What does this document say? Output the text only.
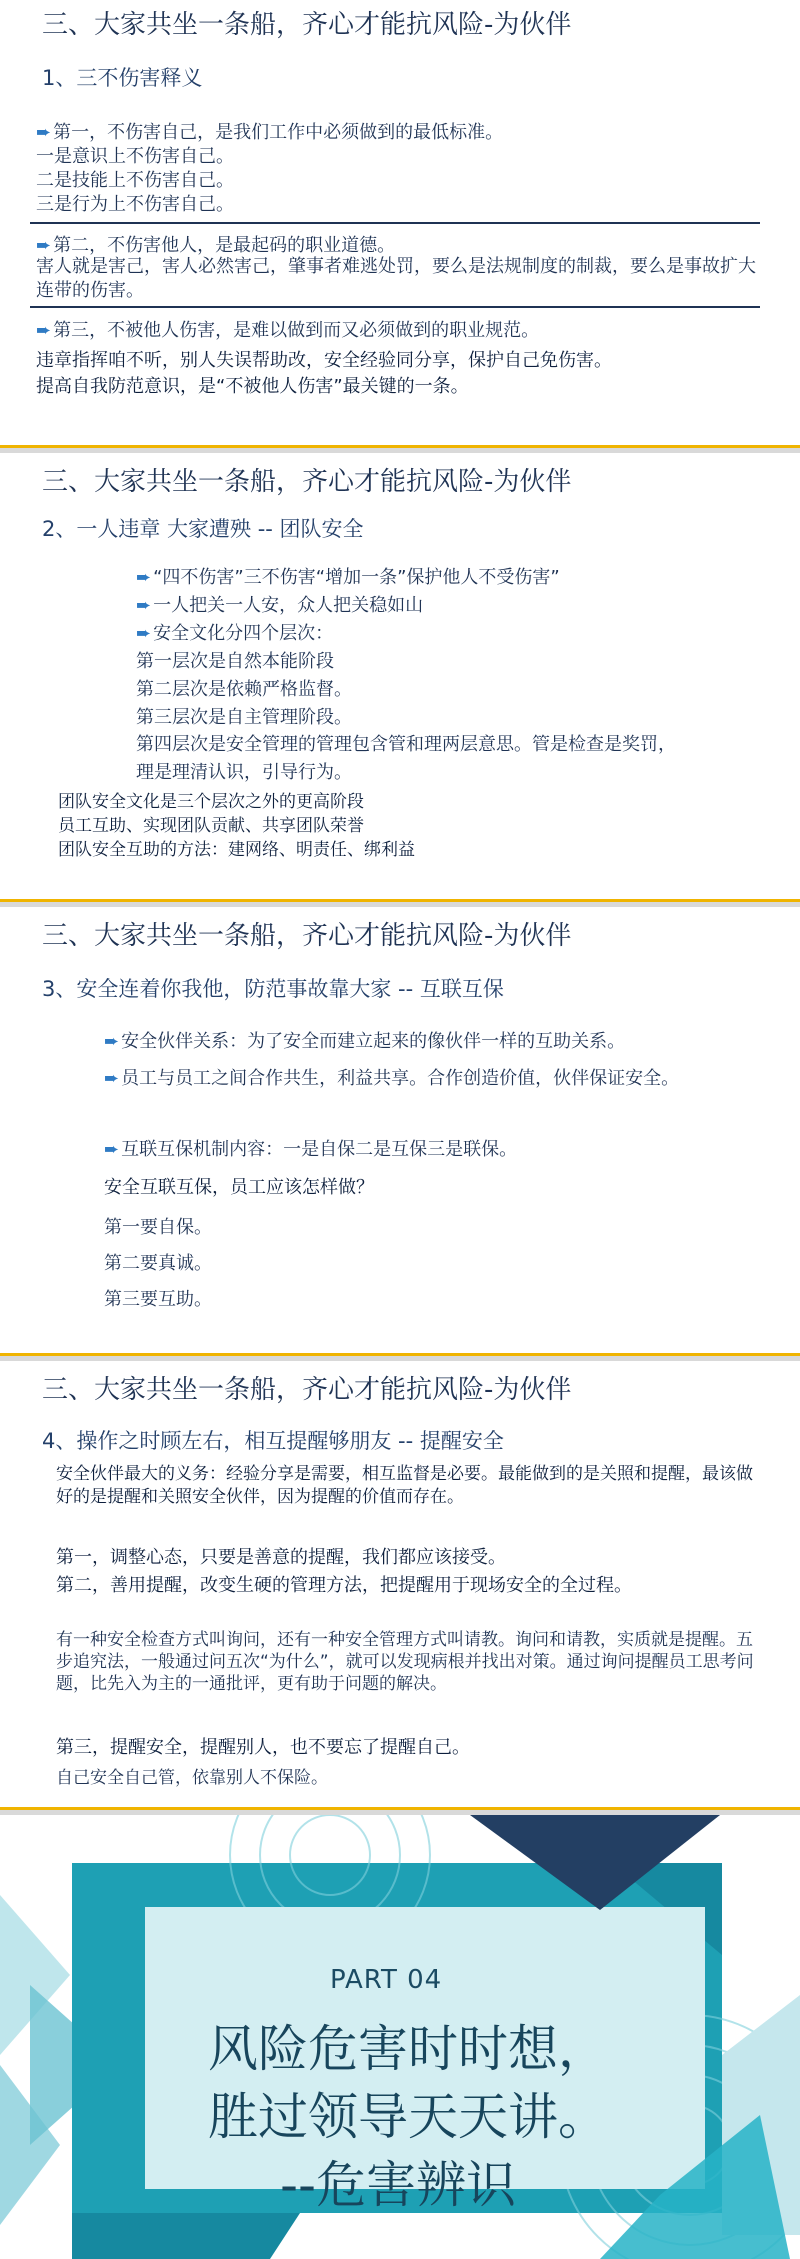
三、大家共坐一条船，齐心才能抗风险-为伙伴
1、三不伤害释义
➨ 第一，不伤害自己，是我们工作中必须做到的最低标准。
一是意识上不伤害自己。
二是技能上不伤害自己。
三是行为上不伤害自己。
➨ 第二，不伤害他人，是最起码的职业道德。
害人就是害己，害人必然害己，肇事者难逃处罚，要么是法规制度的制裁，要么是事故扩大连带的伤害。
➨ 第三，不被他人伤害，是难以做到而又必须做到的职业规范。
违章指挥咱不听，别人失误帮助改，安全经验同分享，保护自己免伤害。
提高自我防范意识，是“不被他人伤害”最关键的一条。
三、大家共坐一条船，齐心才能抗风险-为伙伴
2、一人违章 大家遭殃 -- 团队安全
➨ “四不伤害”三不伤害“增加一条”保护他人不受伤害”
➨ 一人把关一人安，众人把关稳如山
➨ 安全文化分四个层次：
第一层次是自然本能阶段
第二层次是依赖严格监督。
第三层次是自主管理阶段。
第四层次是安全管理的管理包含管和理两层意思。管是检查是奖罚，理是理清认识，引导行为。
团队安全文化是三个层次之外的更高阶段
员工互助、实现团队贡献、共享团队荣誉
团队安全互助的方法：建网络、明责任、绑利益
三、大家共坐一条船，齐心才能抗风险-为伙伴
3、安全连着你我他，防范事故靠大家 -- 互联互保
➨ 安全伙伴关系：为了安全而建立起来的像伙伴一样的互助关系。
➨ 员工与员工之间合作共生，利益共享。合作创造价值，伙伴保证安全。
➨ 互联互保机制内容：一是自保二是互保三是联保。
安全互联互保，员工应该怎样做？
第一要自保。
第二要真诚。
第三要互助。
三、大家共坐一条船，齐心才能抗风险-为伙伴
4、操作之时顾左右，相互提醒够朋友 -- 提醒安全
安全伙伴最大的义务：经验分享是需要，相互监督是必要。最能做到的是关照和提醒，最该做好的是提醒和关照安全伙伴，因为提醒的价值而存在。
第一，调整心态，只要是善意的提醒，我们都应该接受。
第二，善用提醒，改变生硬的管理方法，把提醒用于现场安全的全过程。
有一种安全检查方式叫询问，还有一种安全管理方式叫请教。询问和请教，实质就是提醒。五步追究法，一般通过问五次“为什么”，就可以发现病根并找出对策。通过询问提醒员工思考问题，比先入为主的一通批评，更有助于问题的解决。
第三，提醒安全，提醒别人，也不要忘了提醒自己。
自己安全自己管，依靠别人不保险。
PART 04
风险危害时时想，
胜过领导天天讲。
--危害辨识
